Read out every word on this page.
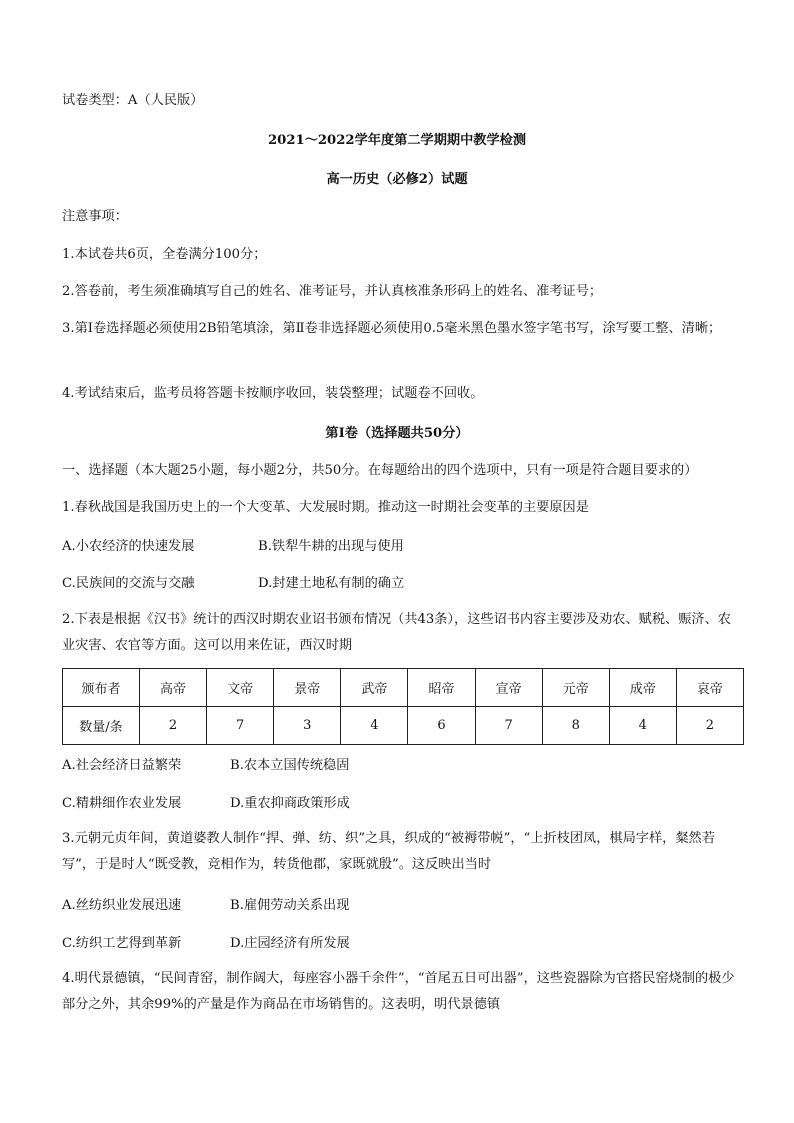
试卷类型：A（人民版）
2021～2022学年度第二学期期中教学检测
高一历史（必修2）试题
注意事项：
1.本试卷共6页，全卷满分100分；
2.答卷前，考生须准确填写自己的姓名、准考证号，并认真核准条形码上的姓名、准考证号；
3.第Ⅰ卷选择题必须使用2B铅笔填涂，第Ⅱ卷非选择题必须使用0.5毫米黑色墨水签字笔书写，涂写要工整、清晰；
4.考试结束后，监考员将答题卡按顺序收回，装袋整理；试题卷不回收。
第Ⅰ卷（选择题共50分）
一、选择题（本大题25小题，每小题2分，共50分。在每题给出的四个选项中，只有一项是符合题目要求的）
1.春秋战国是我国历史上的一个大变革、大发展时期。推动这一时期社会变革的主要原因是
A.小农经济的快速发展	B.铁犁牛耕的出现与使用
C.民族间的交流与交融	D.封建土地私有制的确立
2.下表是根据《汉书》统计的西汉时期农业诏书颁布情况（共43条），这些诏书内容主要涉及劝农、赋税、赈济、农业灾害、农官等方面。这可以用来佐证，西汉时期
颁布者	高帝	文帝	景帝	武帝	昭帝	宣帝	元帝	成帝	哀帝
数量/条	2	7	3	4	6	7	8	4	2
A.社会经济日益繁荣	B.农本立国传统稳固
C.精耕细作农业发展	D.重农抑商政策形成
3.元朝元贞年间，黄道婆教人制作“捍、弹、纺、织”之具，织成的“被褥带帨”，“上折枝团凤，棋局字样，粲然若写”，于是时人“既受教，竞相作为，转货他郡，家既就殷”。这反映出当时
A.丝纺织业发展迅速	B.雇佣劳动关系出现
C.纺织工艺得到革新	D.庄园经济有所发展
4.明代景德镇，“民间青窑，制作阔大，每座容小器千余件”，“首尾五日可出器”，这些瓷器除为官搭民窑烧制的极少部分之外，其余99%的产量是作为商品在市场销售的。这表明，明代景德镇
